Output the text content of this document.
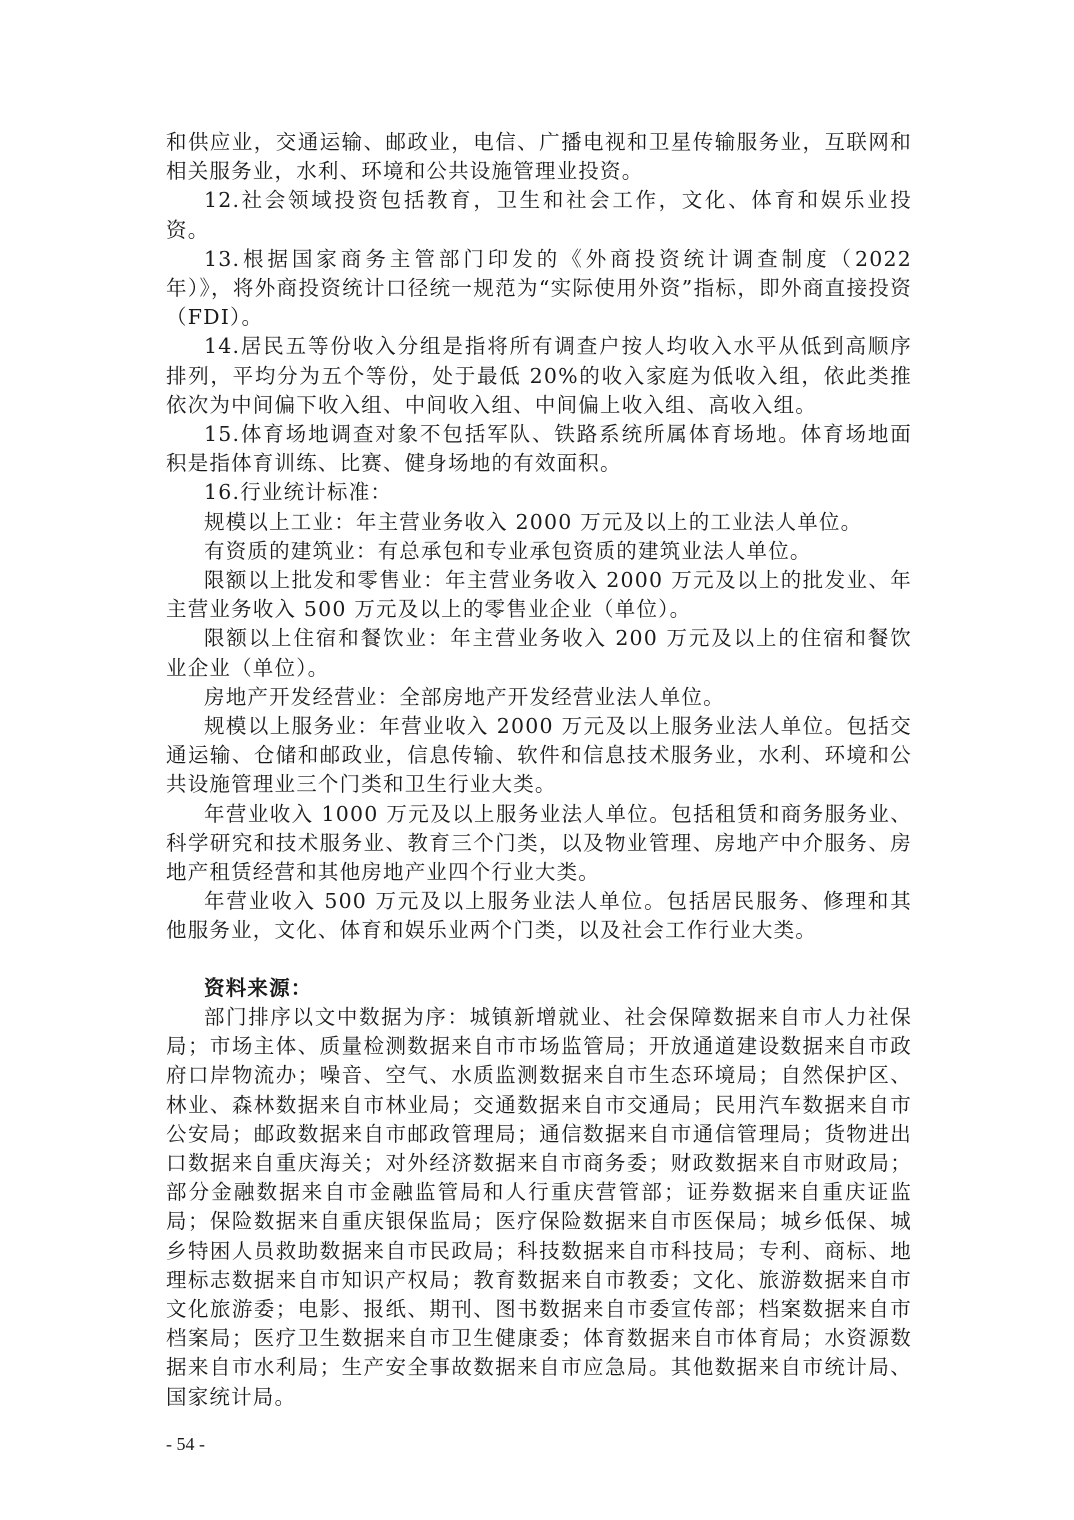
和供应业，交通运输、邮政业，电信、广播电视和卫星传输服务业，互联网和相关服务业，水利、环境和公共设施管理业投资。

12.社会领域投资包括教育，卫生和社会工作，文化、体育和娱乐业投资。

13.根据国家商务主管部门印发的《外商投资统计调查制度（2022 年）》，将外商投资统计口径统一规范为“实际使用外资”指标，即外商直接投资（FDI）。

14.居民五等份收入分组是指将所有调查户按人均收入水平从低到高顺序排列，平均分为五个等份，处于最低 20%的收入家庭为低收入组，依此类推依次为中间偏下收入组、中间收入组、中间偏上收入组、高收入组。

15.体育场地调查对象不包括军队、铁路系统所属体育场地。体育场地面积是指体育训练、比赛、健身场地的有效面积。

16.行业统计标准：

规模以上工业：年主营业务收入 2000 万元及以上的工业法人单位。

有资质的建筑业：有总承包和专业承包资质的建筑业法人单位。

限额以上批发和零售业：年主营业务收入 2000 万元及以上的批发业、年主营业务收入 500 万元及以上的零售业企业（单位）。

限额以上住宿和餐饮业：年主营业务收入 200 万元及以上的住宿和餐饮业企业（单位）。

房地产开发经营业：全部房地产开发经营业法人单位。

规模以上服务业：年营业收入 2000 万元及以上服务业法人单位。包括交通运输、仓储和邮政业，信息传输、软件和信息技术服务业，水利、环境和公共设施管理业三个门类和卫生行业大类。

年营业收入 1000 万元及以上服务业法人单位。包括租赁和商务服务业、科学研究和技术服务业、教育三个门类，以及物业管理、房地产中介服务、房地产租赁经营和其他房地产业四个行业大类。

年营业收入 500 万元及以上服务业法人单位。包括居民服务、修理和其他服务业，文化、体育和娱乐业两个门类，以及社会工作行业大类。

资料来源：

部门排序以文中数据为序：城镇新增就业、社会保障数据来自市人力社保局；市场主体、质量检测数据来自市市场监管局；开放通道建设数据来自市政府口岸物流办；噪音、空气、水质监测数据来自市生态环境局；自然保护区、林业、森林数据来自市林业局；交通数据来自市交通局；民用汽车数据来自市公安局；邮政数据来自市邮政管理局；通信数据来自市通信管理局；货物进出口数据来自重庆海关；对外经济数据来自市商务委；财政数据来自市财政局；部分金融数据来自市金融监管局和人行重庆营管部；证券数据来自重庆证监局；保险数据来自重庆银保监局；医疗保险数据来自市医保局；城乡低保、城乡特困人员救助数据来自市民政局；科技数据来自市科技局；专利、商标、地理标志数据来自市知识产权局；教育数据来自市教委；文化、旅游数据来自市文化旅游委；电影、报纸、期刊、图书数据来自市委宣传部；档案数据来自市档案局；医疗卫生数据来自市卫生健康委；体育数据来自市体育局；水资源数据来自市水利局；生产安全事故数据来自市应急局。其他数据来自市统计局、国家统计局。

- 54 -
